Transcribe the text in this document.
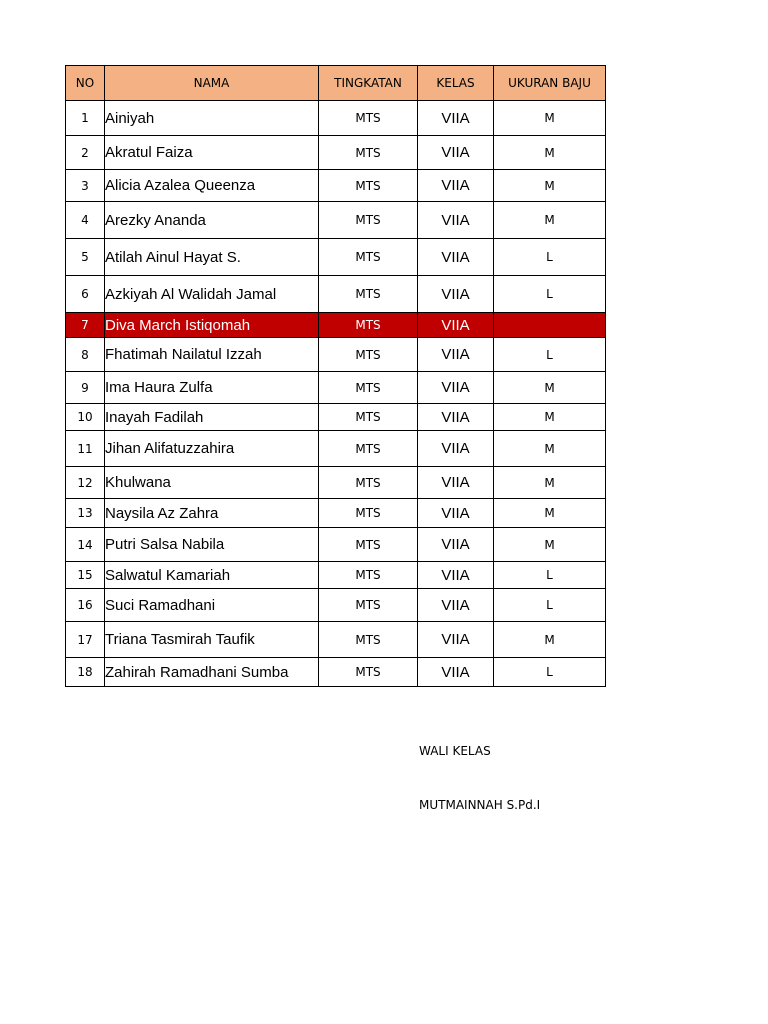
NO	NAMA	TINGKATAN	KELAS	UKURAN BAJU
1	Ainiyah	MTS	VIIA	M
2	Akratul Faiza	MTS	VIIA	M
3	Alicia Azalea Queenza	MTS	VIIA	M
4	Arezky Ananda	MTS	VIIA	M
5	Atilah Ainul Hayat S.	MTS	VIIA	L
6	Azkiyah Al Walidah Jamal	MTS	VIIA	L
7	Diva March Istiqomah	MTS	VIIA	
8	Fhatimah Nailatul Izzah	MTS	VIIA	L
9	Ima Haura Zulfa	MTS	VIIA	M
10	Inayah Fadilah	MTS	VIIA	M
11	Jihan Alifatuzzahira	MTS	VIIA	M
12	Khulwana	MTS	VIIA	M
13	Naysila Az Zahra	MTS	VIIA	M
14	Putri Salsa Nabila	MTS	VIIA	M
15	Salwatul Kamariah	MTS	VIIA	L
16	Suci Ramadhani	MTS	VIIA	L
17	Triana Tasmirah Taufik	MTS	VIIA	M
18	Zahirah Ramadhani Sumba	MTS	VIIA	L
WALI KELAS
MUTMAINNAH S.Pd.I
